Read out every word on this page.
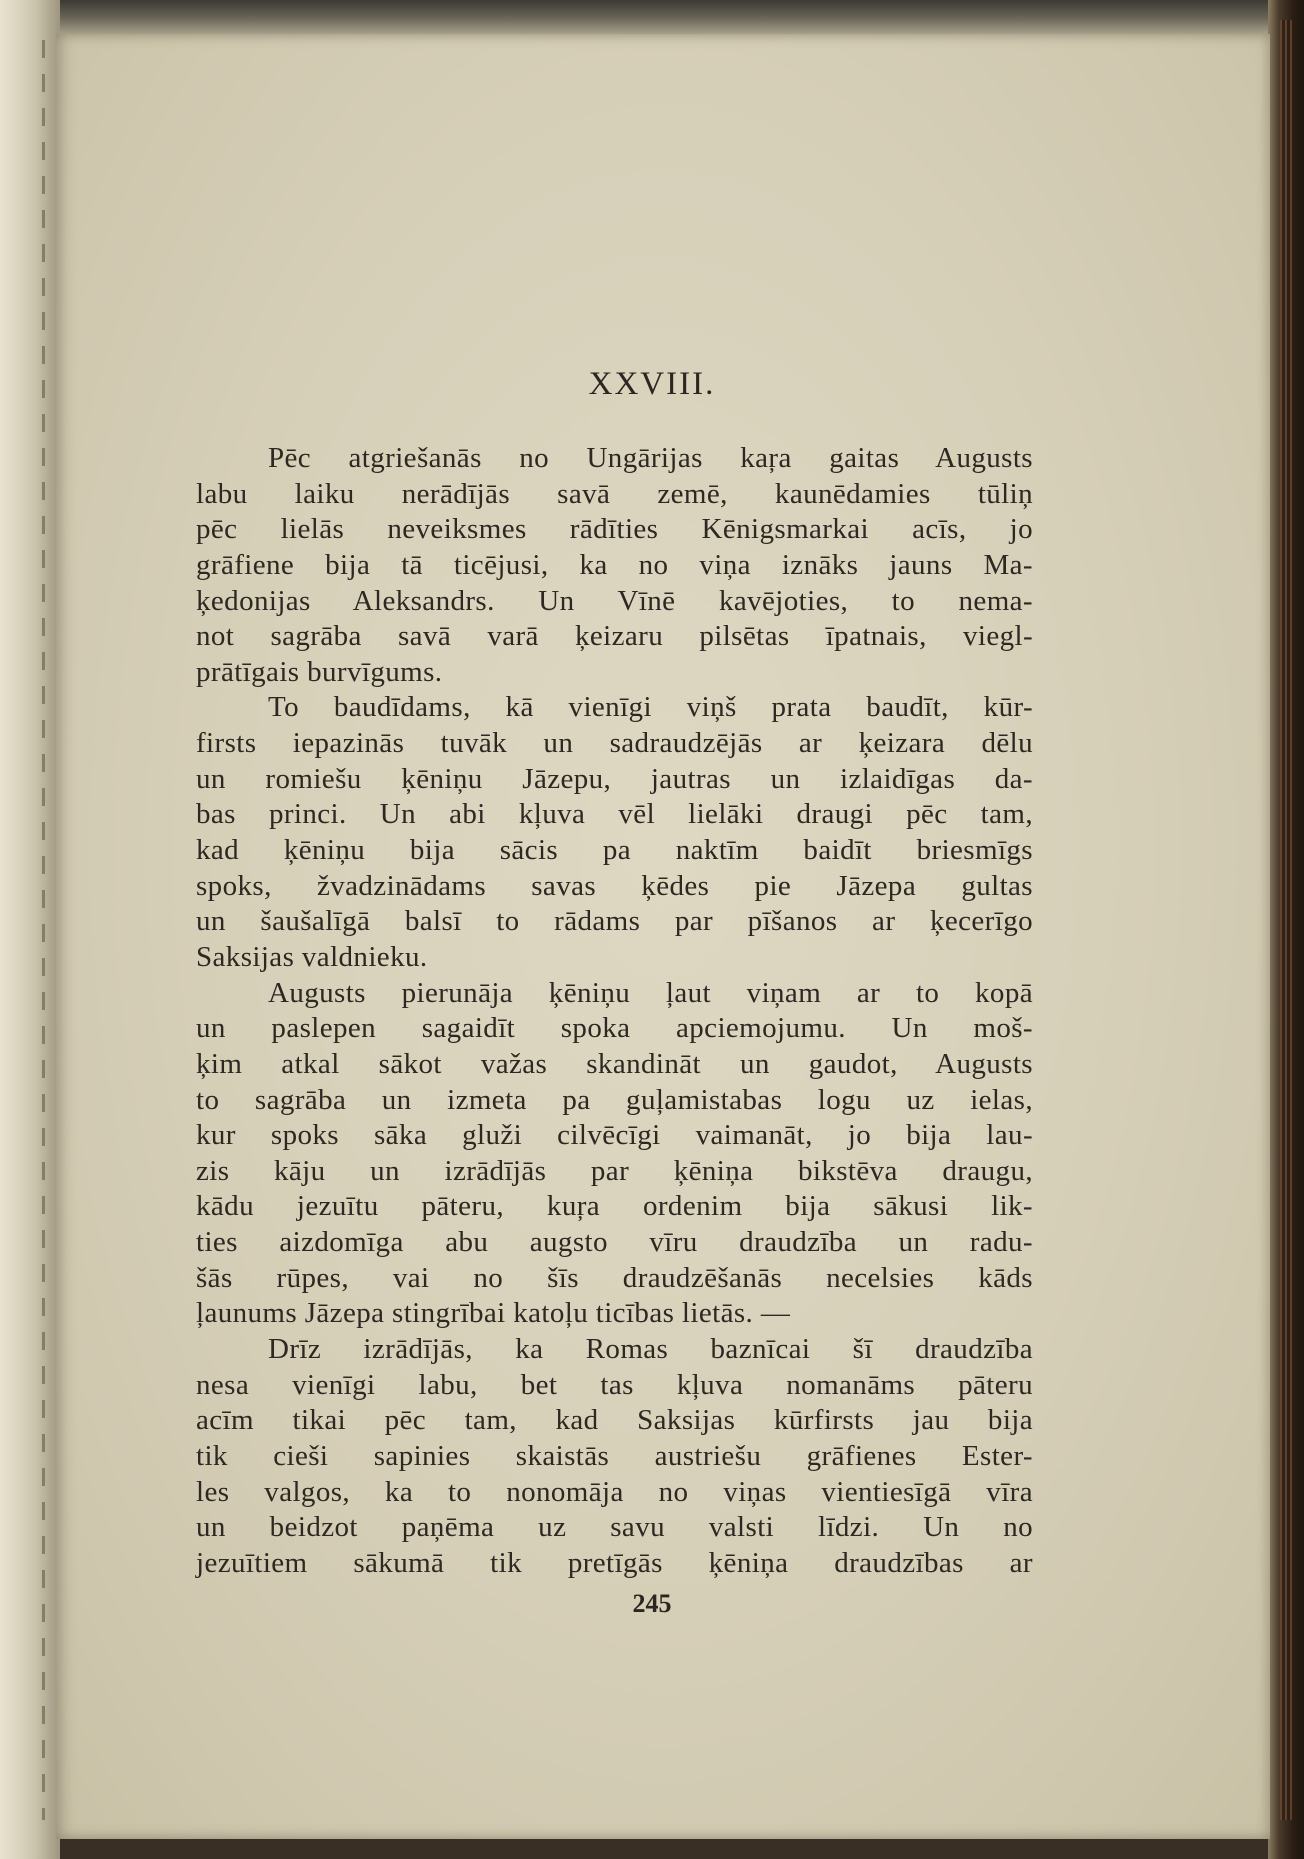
XXVIII.
Pēc atgriešanās no Ungārijas kaŗa gaitas Augusts
labu laiku nerādījās savā zemē, kaunēdamies tūliņ
pēc lielās neveiksmes rādīties Kēnigsmarkai acīs, jo
grāfiene bija tā ticējusi, ka no viņa iznāks jauns Ma-
ķedonijas Aleksandrs. Un Vīnē kavējoties, to nema-
not sagrāba savā varā ķeizaru pilsētas īpatnais, viegl-
prātīgais burvīgums.
To baudīdams, kā vienīgi viņš prata baudīt, kūr-
firsts iepazinās tuvāk un sadraudzējās ar ķeizara dēlu
un romiešu ķēniņu Jāzepu, jautras un izlaidīgas da-
bas princi. Un abi kļuva vēl lielāki draugi pēc tam,
kad ķēniņu bija sācis pa naktīm baidīt briesmīgs
spoks, žvadzinādams savas ķēdes pie Jāzepa gultas
un šaušalīgā balsī to rādams par pīšanos ar ķecerīgo
Saksijas valdnieku.
Augusts pierunāja ķēniņu ļaut viņam ar to kopā
un paslepen sagaidīt spoka apciemojumu. Un moš-
ķim atkal sākot važas skandināt un gaudot, Augusts
to sagrāba un izmeta pa guļamistabas logu uz ielas,
kur spoks sāka gluži cilvēcīgi vaimanāt, jo bija lau-
zis kāju un izrādījās par ķēniņa bikstēva draugu,
kādu jezuītu pāteru, kuŗa ordenim bija sākusi lik-
ties aizdomīga abu augsto vīru draudzība un radu-
šās rūpes, vai no šīs draudzēšanās necelsies kāds
ļaunums Jāzepa stingrībai katoļu ticības lietās. —
Drīz izrādījās, ka Romas baznīcai šī draudzība
nesa vienīgi labu, bet tas kļuva nomanāms pāteru
acīm tikai pēc tam, kad Saksijas kūrfirsts jau bija
tik cieši sapinies skaistās austriešu grāfienes Ester-
les valgos, ka to nonomāja no viņas vientiesīgā vīra
un beidzot paņēma uz savu valsti līdzi. Un no
jezuītiem sākumā tik pretīgās ķēniņa draudzības ar
245
